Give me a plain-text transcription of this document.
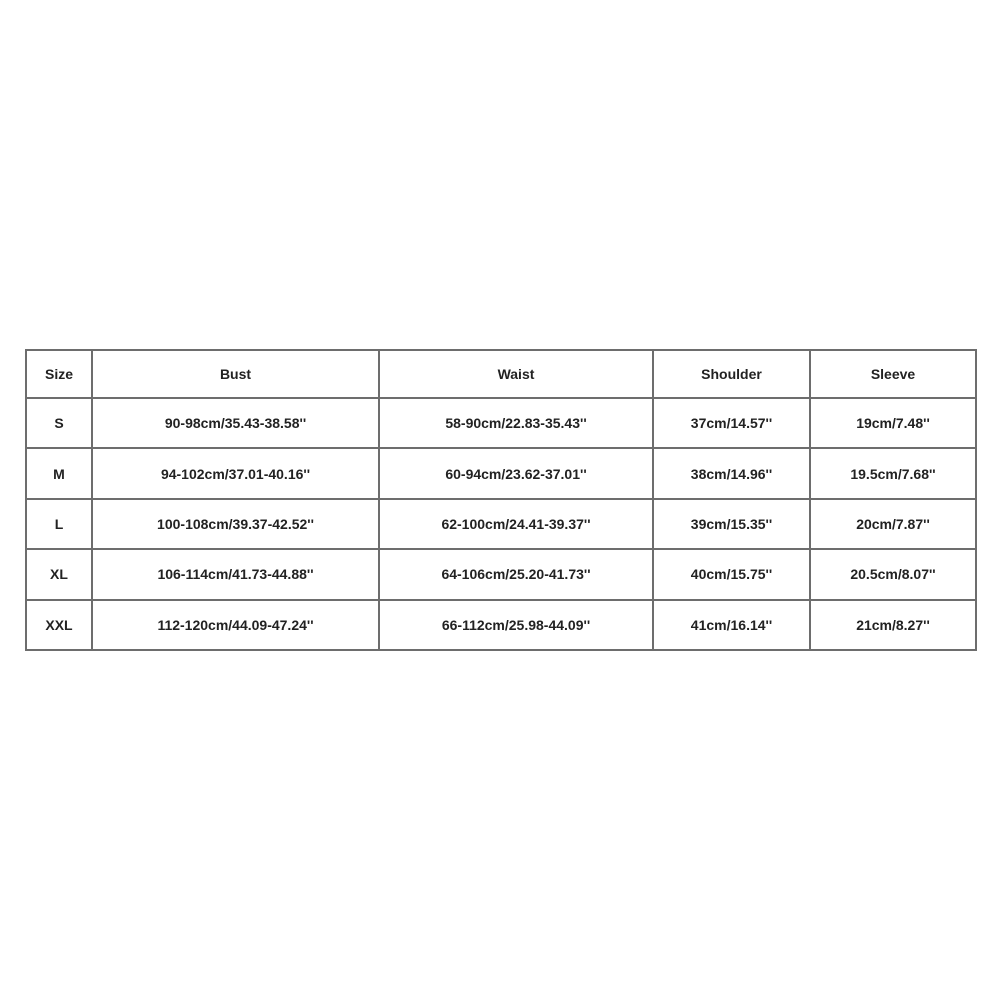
Size	Bust	Waist	Shoulder	Sleeve
S	90-98cm/35.43-38.58''	58-90cm/22.83-35.43''	37cm/14.57''	19cm/7.48''
M	94-102cm/37.01-40.16''	60-94cm/23.62-37.01''	38cm/14.96''	19.5cm/7.68''
L	100-108cm/39.37-42.52''	62-100cm/24.41-39.37''	39cm/15.35''	20cm/7.87''
XL	106-114cm/41.73-44.88''	64-106cm/25.20-41.73''	40cm/15.75''	20.5cm/8.07''
XXL	112-120cm/44.09-47.24''	66-112cm/25.98-44.09''	41cm/16.14''	21cm/8.27''
